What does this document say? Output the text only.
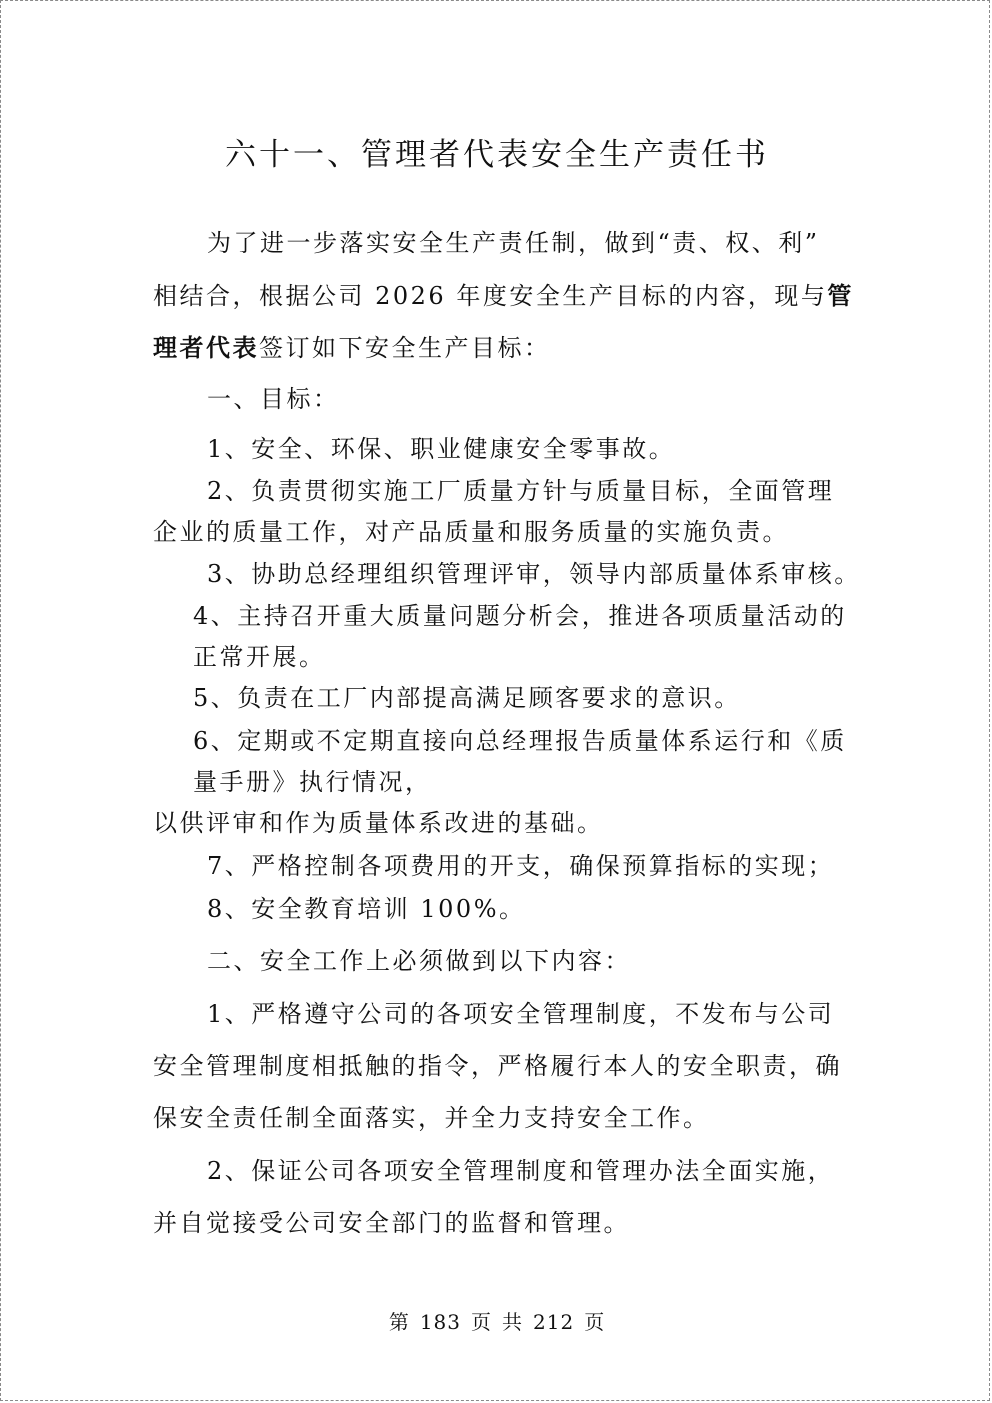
六十一、管理者代表安全生产责任书
为了进一步落实安全生产责任制，做到“责、权、利”
相结合，根据公司 2026 年度安全生产目标的内容，现与管
理者代表签订如下安全生产目标：
一、目标：
1、安全、环保、职业健康安全零事故。
2、负责贯彻实施工厂质量方针与质量目标，全面管理
企业的质量工作，对产品质量和服务质量的实施负责。
3、协助总经理组织管理评审，领导内部质量体系审核。
4、主持召开重大质量问题分析会，推进各项质量活动的
正常开展。
5、负责在工厂内部提高满足顾客要求的意识。
6、定期或不定期直接向总经理报告质量体系运行和《质
量手册》执行情况，
以供评审和作为质量体系改进的基础。
7、严格控制各项费用的开支，确保预算指标的实现；
8、安全教育培训 100%。
二、安全工作上必须做到以下内容：
1、严格遵守公司的各项安全管理制度，不发布与公司
安全管理制度相抵触的指令，严格履行本人的安全职责，确
保安全责任制全面落实，并全力支持安全工作。
2、保证公司各项安全管理制度和管理办法全面实施，
并自觉接受公司安全部门的监督和管理。
第 183 页 共 212 页
